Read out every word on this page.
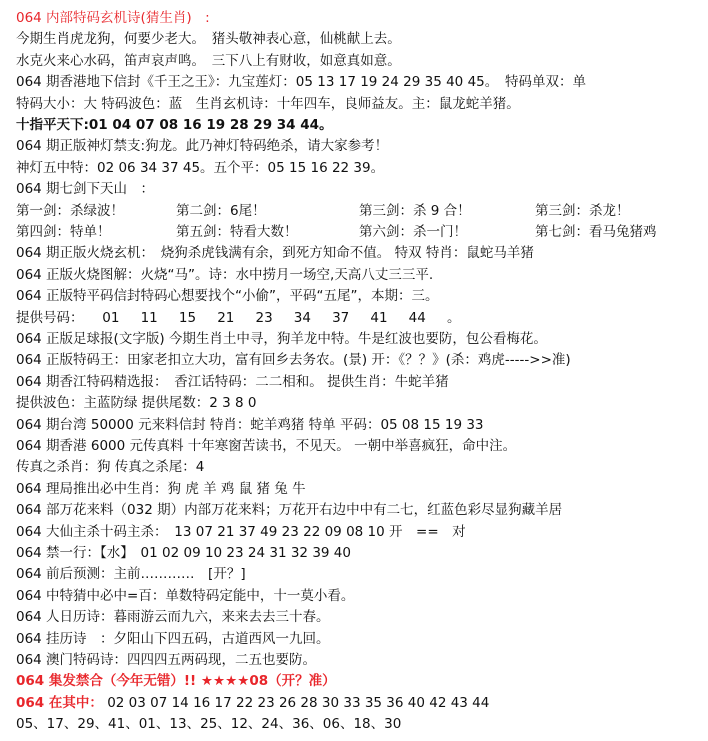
064 内部特码玄机诗(猜生肖)　:
今期生肖虎龙狗，何要少老大。　猪头敬神表心意，仙桃献上去。
水克火来心水码，笛声哀声鸣。　三下八上有财收，如意真如意。
064 期香港地下信封《千王之王》：九宝莲灯：05 13 17 19 24 29 35 40 45。　特码单双：单
特码大小：大 特码波色：蓝　生肖玄机诗：十年四车，良师益友。主：鼠龙蛇羊猪。
十指平天下:01 04 07 08 16 19 28 29 34 44。
064 期正版神灯禁支:狗龙。此乃神灯特码绝杀，请大家参考！
神灯五中特：02 06 34 37 45。五个平：05 15 16 22 39。
064 期七剑下天山　：
第一剑：杀绿波！	第二剑：6尾！	第三剑：杀 9 合！	第三剑：杀龙！
第四剑：特单！	第五剑：特看大数！	第六剑：杀一门！	第七剑：看马兔猪鸡
064 期正版火烧玄机：　烧狗杀虎钱满有余，到死方知命不值。 特双 特肖：鼠蛇马羊猪
064 正版火烧图解：火烧“马”。诗：水中捞月一场空,天高八丈三三平.
064 正版特平码信封特码心想要找个“小偷”，平码“五尾”，本期：三。
提供号码： 01 11 15 21 23 34 37 41 44 。
064 正版足球报(文字版) 今期生肖土中寻，狗羊龙中特。牛是红波也要防，包公看梅花。
064 正版特码王：田家老扣立大功，富有回乡去务农。(景) 开：《？？》(杀：鸡虎----->>准)
064 期香江特码精选报：　香江话特码：二二相和。 提供生肖：牛蛇羊猪
提供波色：主蓝防绿 提供尾数：2 3 8 0
064 期台湾 50000 元来料信封 特肖：蛇羊鸡猪 特单 平码：05 08 15 19 33
064 期香港 6000 元传真料 十年寒窗苦读书，不见天。 一朝中举喜疯狂，命中注。
传真之杀肖：狗 传真之杀尾：4
064 理局推出必中生肖：狗 虎 羊 鸡 鼠 猪 兔 牛
064 部万花来料（032 期）内部万花来料；万花开右边中中有二七，红蓝色彩尽显狗藏羊居
064 大仙主杀十码主杀：　13 07 21 37 49 23 22 09 08 10 开　==　对
064 禁一行：【水】　01 02 09 10 23 24 31 32 39 40
064 前后预测：主前…………　[开？]
064 中特猜中必中=百：单数特码定能中，十一莫小看。
064 人日历诗：暮雨游云而九六，来来去去三十春。
064 挂历诗　：夕阳山下四五码，古道西风一九回。
064 澳门特码诗：四四四五两码现，二五也要防。
064 集发禁合（今年无错）!! ★★★★08（开？准）
064 在其中： 02 03 07 14 16 17 22 23 26 28 30 33 35 36 40 42 43 44
05、17、29、41、01、13、25、12、24、36、06、18、30
